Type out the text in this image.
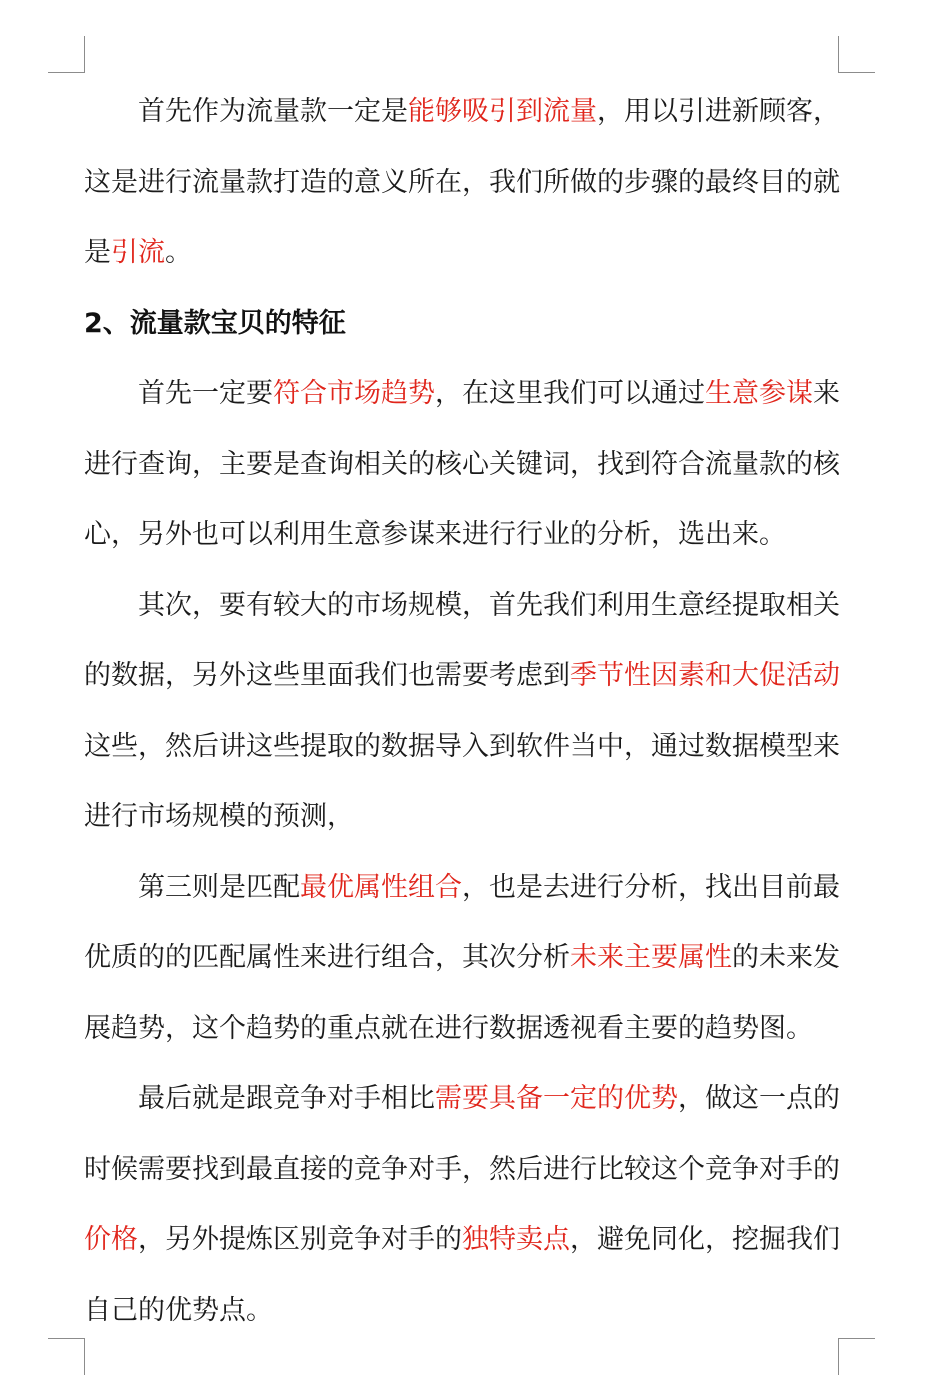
首先作为流量款一定是能够吸引到流量，用以引进新顾客，这是进行流量款打造的意义所在，我们所做的步骤的最终目的就是引流。

2、流量款宝贝的特征

首先一定要符合市场趋势，在这里我们可以通过生意参谋来进行查询，主要是查询相关的核心关键词，找到符合流量款的核心，另外也可以利用生意参谋来进行行业的分析，选出来。

其次，要有较大的市场规模，首先我们利用生意经提取相关的数据，另外这些里面我们也需要考虑到季节性因素和大促活动这些，然后讲这些提取的数据导入到软件当中，通过数据模型来进行市场规模的预测，

第三则是匹配最优属性组合，也是去进行分析，找出目前最优质的的匹配属性来进行组合，其次分析未来主要属性的未来发展趋势，这个趋势的重点就在进行数据透视看主要的趋势图。

最后就是跟竞争对手相比需要具备一定的优势，做这一点的时候需要找到最直接的竞争对手，然后进行比较这个竞争对手的价格，另外提炼区别竞争对手的独特卖点，避免同化，挖掘我们自己的优势点。
